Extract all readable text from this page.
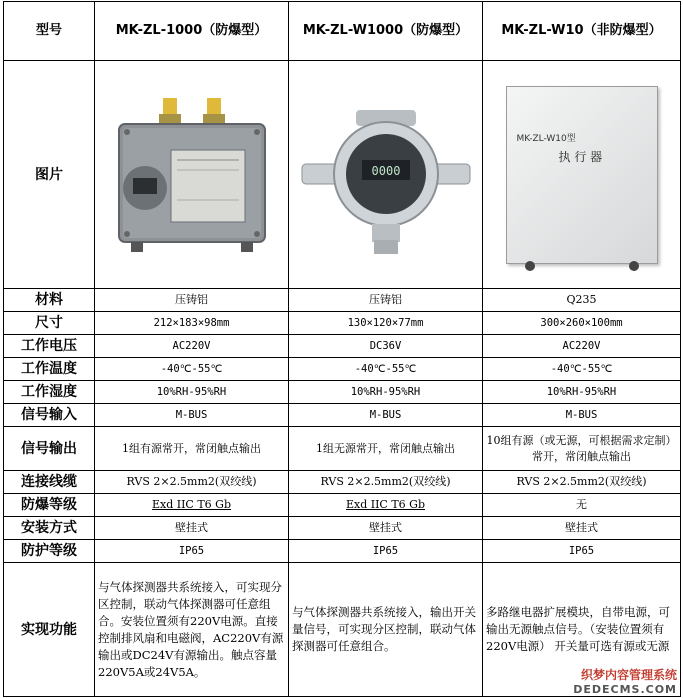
型号	MK-ZL-1000（防爆型）	MK-ZL-W1000（防爆型）	MK-ZL-W10（非防爆型）
图片		0000	MK-ZL-W10型
执 行 器

材料	压铸铝	压铸铝	Q235
尺寸	212×183×98mm	130×120×77mm	300×260×100mm
工作电压	AC220V	DC36V	AC220V
工作温度	-40℃-55℃	-40℃-55℃	-40℃-55℃
工作湿度	10%RH-95%RH	10%RH-95%RH	10%RH-95%RH
信号输入	M-BUS	M-BUS	M-BUS
信号输出	1组有源常开，常闭触点输出	1组无源常开，常闭触点输出	10组有源（或无源，可根据需求定制）常开，常闭触点输出
连接线缆	RVS 2×2.5mm2(双绞线)	RVS 2×2.5mm2(双绞线)	RVS 2×2.5mm2(双绞线)
防爆等级	Exd IIC T6 Gb	Exd IIC T6 Gb	无
安装方式	壁挂式	壁挂式	壁挂式
防护等级	IP65	IP65	IP65
实现功能	与气体探测器共系统接入，可实现分区控制，联动气体探测器可任意组合。安装位置须有220V电源。直接控制排风扇和电磁阀，AC220V有源输出或DC24V有源输出。触点容量220V5A或24V5A。	与气体探测器共系统接入，输出开关量信号，可实现分区控制，联动气体探测器可任意组合。	多路继电器扩展模块，自带电源，可输出无源触点信号。（安装位置须有220V电源） 开关量可选有源或无源
织梦内容管理系统
DEDECMS.COM
